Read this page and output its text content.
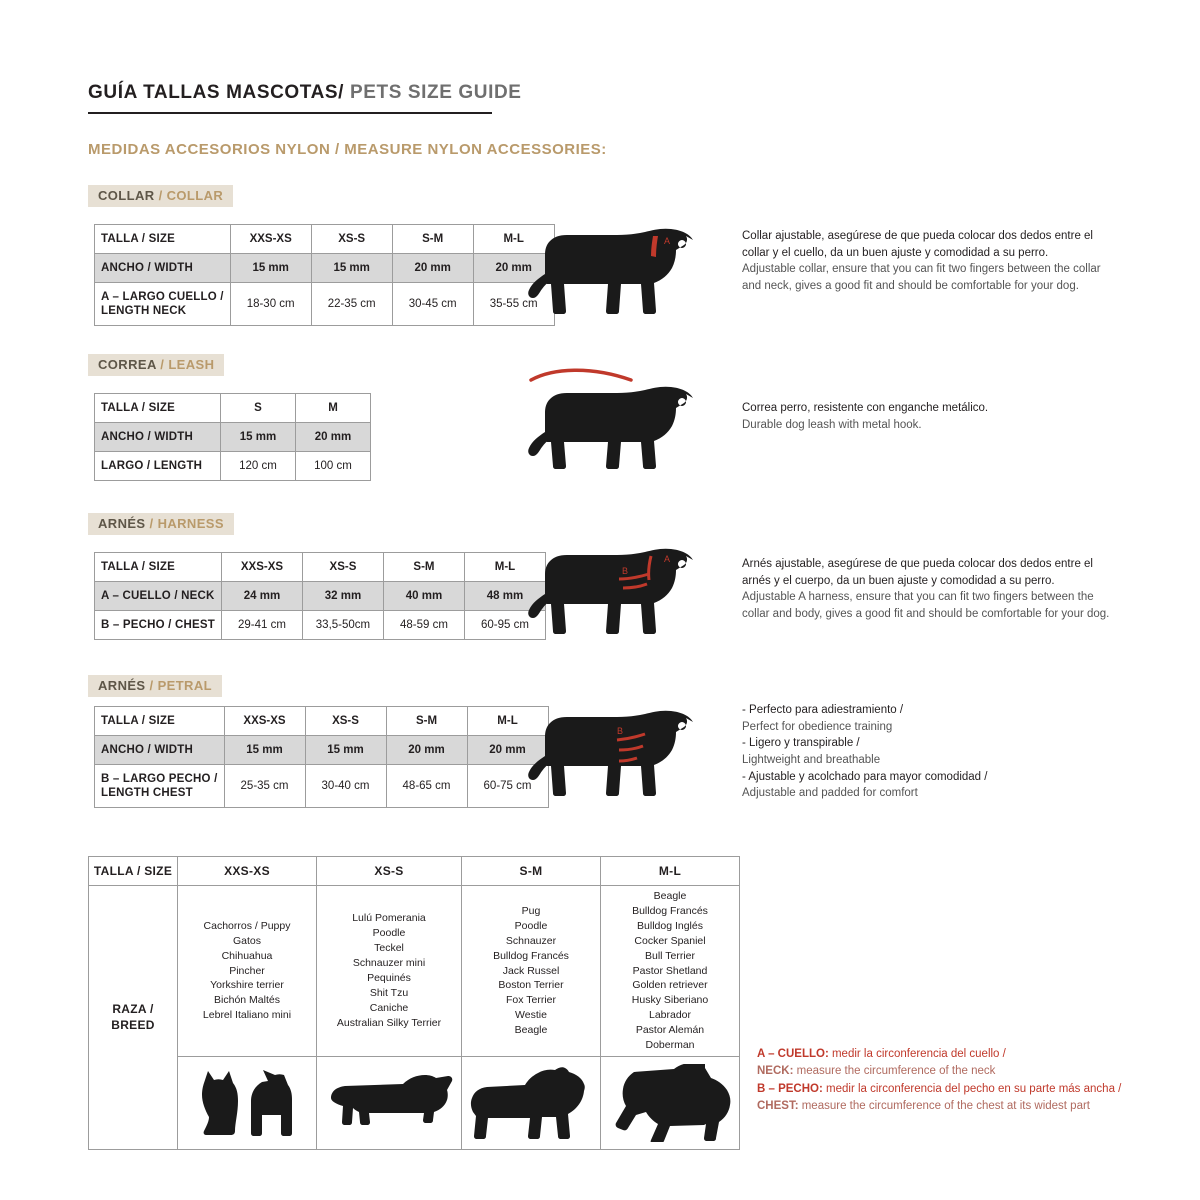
GUÍA TALLAS MASCOTAS/ PETS SIZE GUIDE
MEDIDAS ACCESORIOS NYLON / MEASURE NYLON ACCESSORIES:
COLLAR / COLLAR
TALLA / SIZE	XXS-XS	XS-S	S-M	M-L
ANCHO / WIDTH	15 mm	15 mm	20 mm	20 mm
A – LARGO CUELLO /
LENGTH NECK	18-30 cm	22-35 cm	30-45 cm	35-55 cm
A	Collar ajustable, asegúrese de que pueda colocar dos dedos entre el collar y el cuello, da un buen ajuste y comodidad a su perro.
Adjustable collar, ensure that you can fit two fingers between the collar and neck, gives a good fit and should be comfortable for your dog.
CORREA / LEASH
TALLA / SIZE	S	M
ANCHO / WIDTH	15 mm	20 mm
LARGO / LENGTH	120 cm	100 cm
Correa perro, resistente con enganche metálico.
Durable dog leash with metal hook.
ARNÉS / HARNESS
TALLA / SIZE	XXS-XS	XS-S	S-M	M-L
A – CUELLO / NECK	24 mm	32 mm	40 mm	48 mm
B – PECHO / CHEST	29-41 cm	33,5-50cm	48-59 cm	60-95 cm
A
B
Arnés ajustable, asegúrese de que pueda colocar dos dedos entre el arnés y el cuerpo, da un buen ajuste y comodidad a su perro.
Adjustable A harness, ensure that you can fit two fingers between the collar and body, gives a good fit and should be comfortable for your dog.
ARNÉS / PETRAL
TALLA / SIZE	XXS-XS	XS-S	S-M	M-L
ANCHO / WIDTH	15 mm	15 mm	20 mm	20 mm
B – LARGO PECHO /
LENGTH CHEST	25-35 cm	30-40 cm	48-65 cm	60-75 cm
B
- Perfecto para adiestramiento /
Perfect for obedience training
- Ligero y transpirable /
Lightweight and breathable
- Ajustable y acolchado para mayor comodidad /
Adjustable and padded for comfort
TALLA / SIZE	XXS-XS	XS-S	S-M	M-L
RAZA /
BREED	Cachorros / Puppy
Gatos
Chihuahua
Pincher
Yorkshire terrier
Bichón Maltés
Lebrel Italiano mini	Lulú Pomerania
Poodle
Teckel
Schnauzer mini
Pequinés
Shit Tzu
Caniche
Australian Silky Terrier	Pug
Poodle
Schnauzer
Bulldog Francés
Jack Russel
Boston Terrier
Fox Terrier
Westie
Beagle	Beagle
Bulldog Francés
Bulldog Inglés
Cocker Spaniel
Bull Terrier
Pastor Shetland
Golden retriever
Husky Siberiano
Labrador
Pastor Alemán
Doberman

A – CUELLO: medir la circonferencia del cuello /
NECK: measure the circumference of the neck
B – PECHO: medir la circonferencia del pecho en su parte más ancha /
CHEST: measure the circumference of the chest at its widest part
